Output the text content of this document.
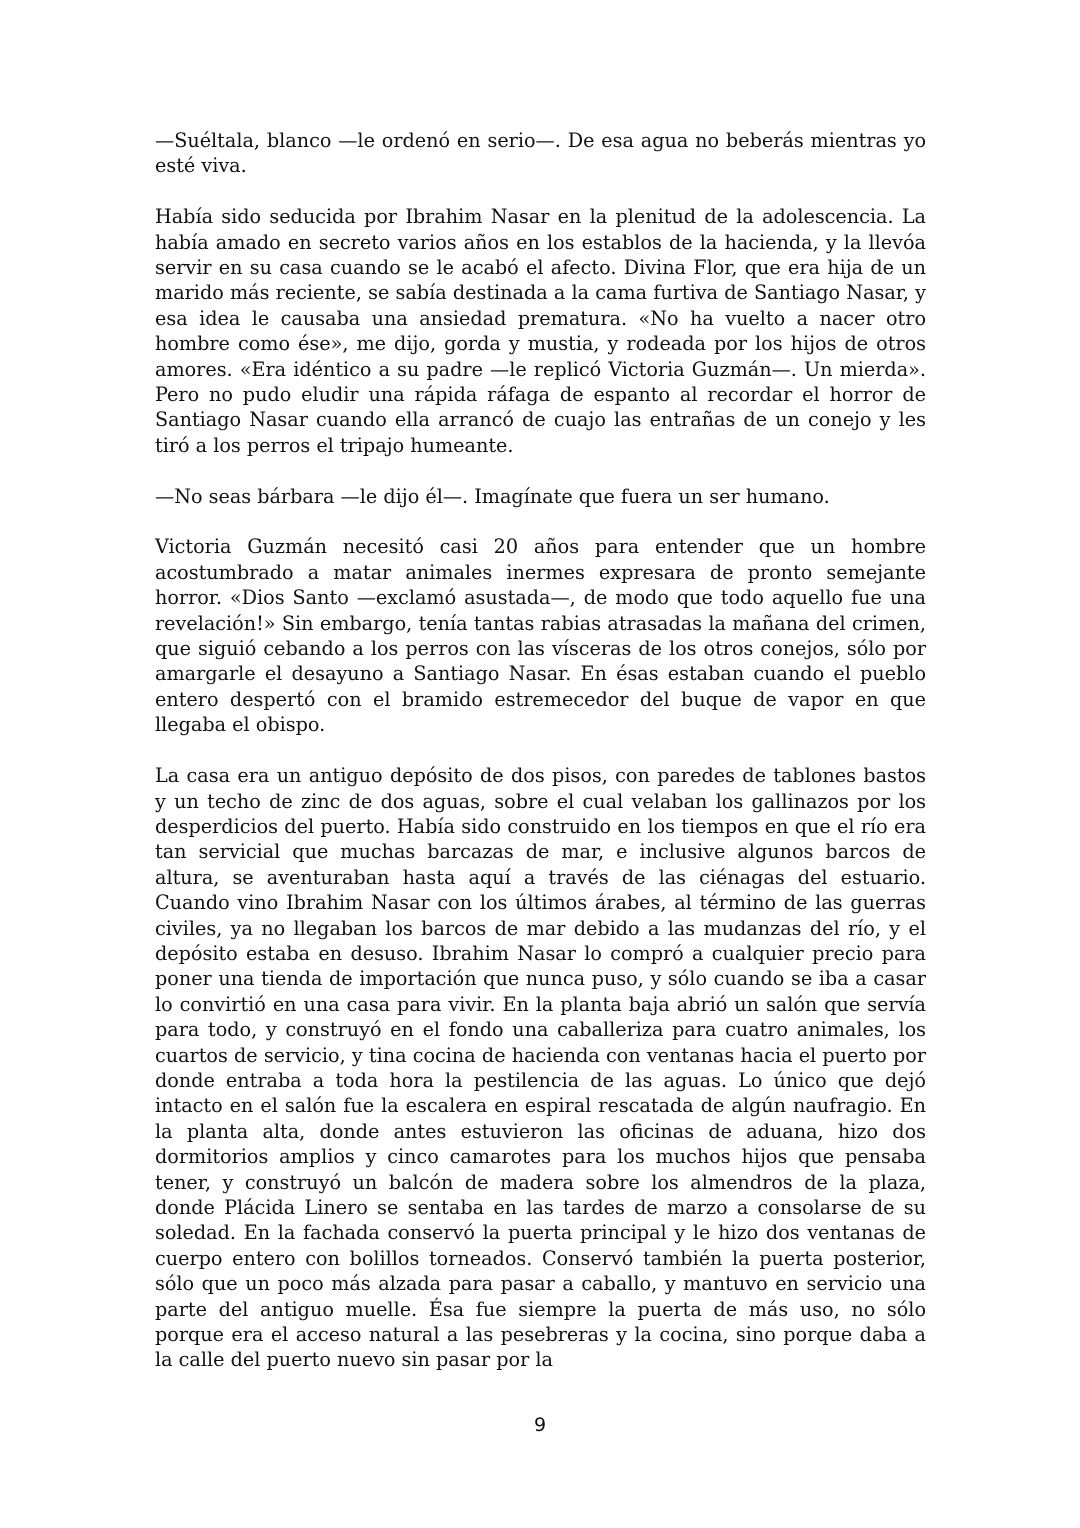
—Suéltala, blanco —le ordenó en serio—. De esa agua no beberás mientras yo esté viva.

Había sido seducida por Ibrahim Nasar en la plenitud de la adolescencia. La había amado en secreto varios años en los establos de la hacienda, y la llevóa servir en su casa cuando se le acabó el afecto. Divina Flor, que era hija de un marido más reciente, se sabía destinada a la cama furtiva de Santiago Nasar, y esa idea le causaba una ansiedad prematura. «No ha vuelto a nacer otro hombre como ése», me dijo, gorda y mustia, y rodeada por los hijos de otros amores. «Era idéntico a su padre —le replicó Victoria Guzmán—. Un mierda». Pero no pudo eludir una rápida ráfaga de espanto al recordar el horror de Santiago Nasar cuando ella arrancó de cuajo las entrañas de un conejo y les tiró a los perros el tripajo humeante.

—No seas bárbara —le dijo él—. Imagínate que fuera un ser humano.

Victoria Guzmán necesitó casi 20 años para entender que un hombre acostumbrado a matar animales inermes expresara de pronto semejante horror. «Dios Santo —exclamó asustada—, de modo que todo aquello fue una revelación!» Sin embargo, tenía tantas rabias atrasadas la mañana del crimen, que siguió cebando a los perros con las vísceras de los otros conejos, sólo por amargarle el desayuno a Santiago Nasar. En ésas estaban cuando el pueblo entero despertó con el bramido estremecedor del buque de vapor en que llegaba el obispo.

La casa era un antiguo depósito de dos pisos, con paredes de tablones bastos y un techo de zinc de dos aguas, sobre el cual velaban los gallinazos por los desperdicios del puerto. Había sido construido en los tiempos en que el río era tan servicial que muchas barcazas de mar, e inclusive algunos barcos de altura, se aventuraban hasta aquí a través de las ciénagas del estuario. Cuando vino Ibrahim Nasar con los últimos árabes, al término de las guerras civiles, ya no llegaban los barcos de mar debido a las mudanzas del río, y el depósito estaba en desuso. Ibrahim Nasar lo compró a cualquier precio para poner una tienda de importación que nunca puso, y sólo cuando se iba a casar lo convirtió en una casa para vivir. En la planta baja abrió un salón que servía para todo, y construyó en el fondo una caballeriza para cuatro animales, los cuartos de servicio, y tina cocina de hacienda con ventanas hacia el puerto por donde entraba a toda hora la pestilencia de las aguas. Lo único que dejó intacto en el salón fue la escalera en espiral rescatada de algún naufragio. En la planta alta, donde antes estuvieron las oficinas de aduana, hizo dos dormitorios amplios y cinco camarotes para los muchos hijos que pensaba tener, y construyó un balcón de madera sobre los almendros de la plaza, donde Plácida Linero se sentaba en las tardes de marzo a consolarse de su soledad. En la fachada conservó la puerta principal y le hizo dos ventanas de cuerpo entero con bolillos torneados. Conservó también la puerta posterior, sólo que un poco más alzada para pasar a caballo, y mantuvo en servicio una parte del antiguo muelle. Ésa fue siempre la puerta de más uso, no sólo porque era el acceso natural a las pesebreras y la cocina, sino porque daba a la calle del puerto nuevo sin pasar por la

9
